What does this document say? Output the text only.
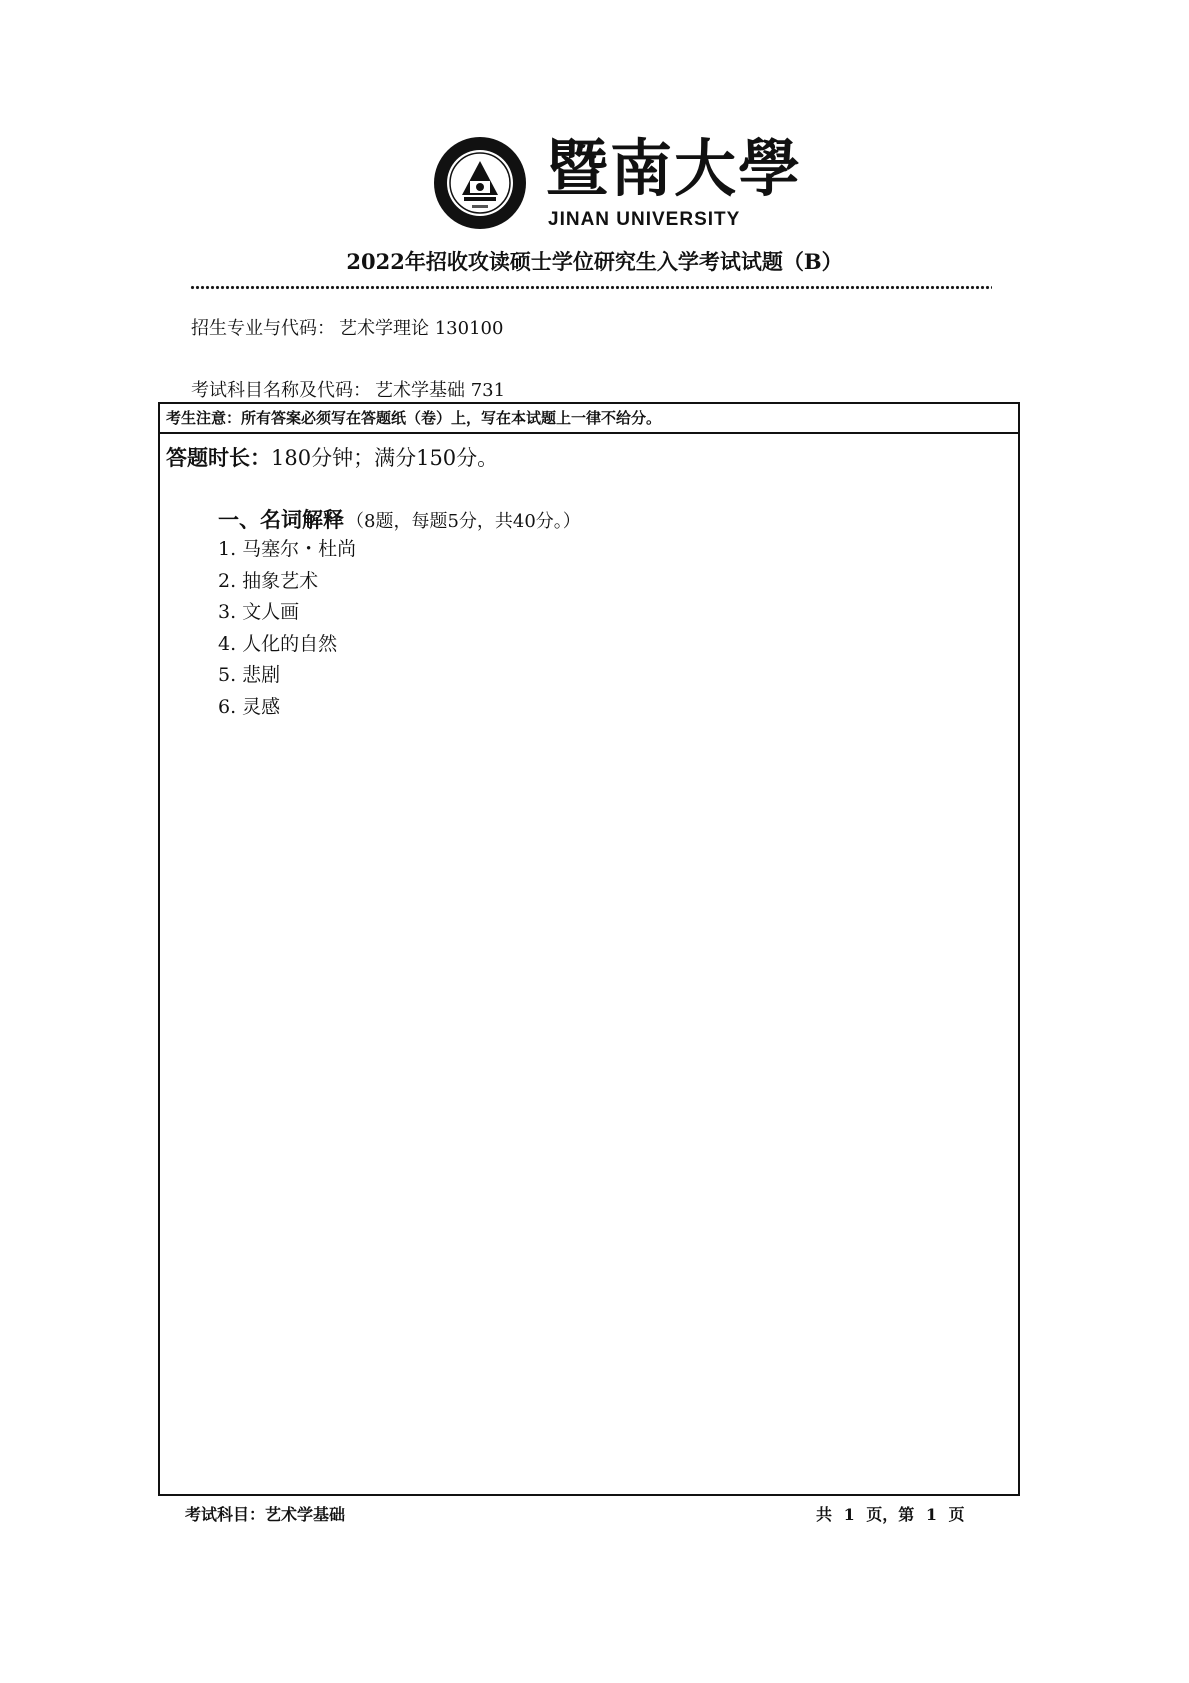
暨南大學
JINAN UNIVERSITY
2022年招收攻读硕士学位研究生入学考试试题（B）
招生专业与代码： 艺术学理论 130100
考试科目名称及代码： 艺术学基础 731
考生注意：所有答案必须写在答题纸（卷）上，写在本试题上一律不给分。
答题时长：180分钟；满分150分。
一、名词解释 （8题，每题5分，共40分。）
1. 马塞尔・杜尚
2. 抽象艺术
3. 文人画
4. 人化的自然
5. 悲剧
6. 灵感
考试科目：艺术学基础	共 1 页，第 1 页
